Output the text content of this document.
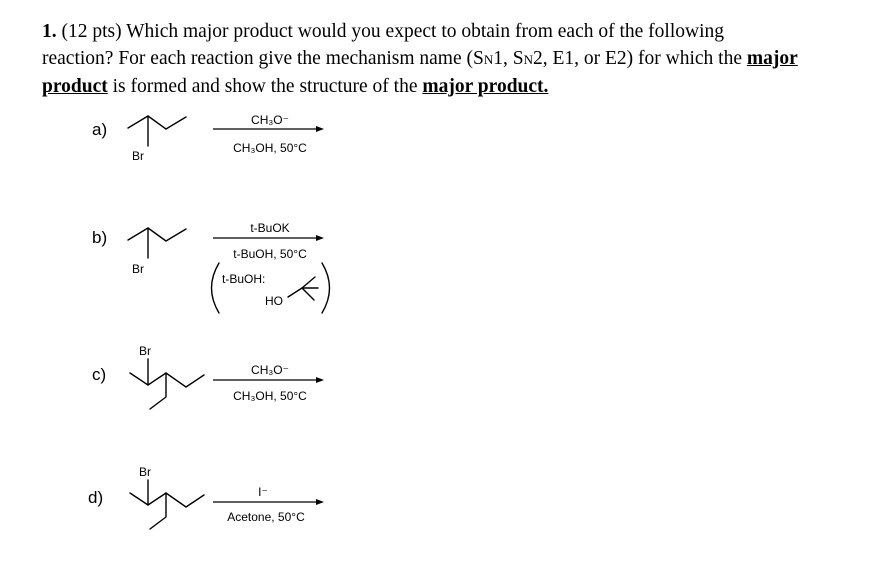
1. (12 pts) Which major product would you expect to obtain from each of the following
reaction? For each reaction give the mechanism name (SN1, SN2, E1, or E2) for which the major
product is formed and show the structure of the major product.
a)
b)
c)
d)
Br
Br
Br
Br
CH₃O⁻
CH₃OH, 50°C
t-BuOK
t-BuOH, 50°C
t-BuOH:
HO
CH₃O⁻
CH₃OH, 50°C
I⁻
Acetone, 50°C
